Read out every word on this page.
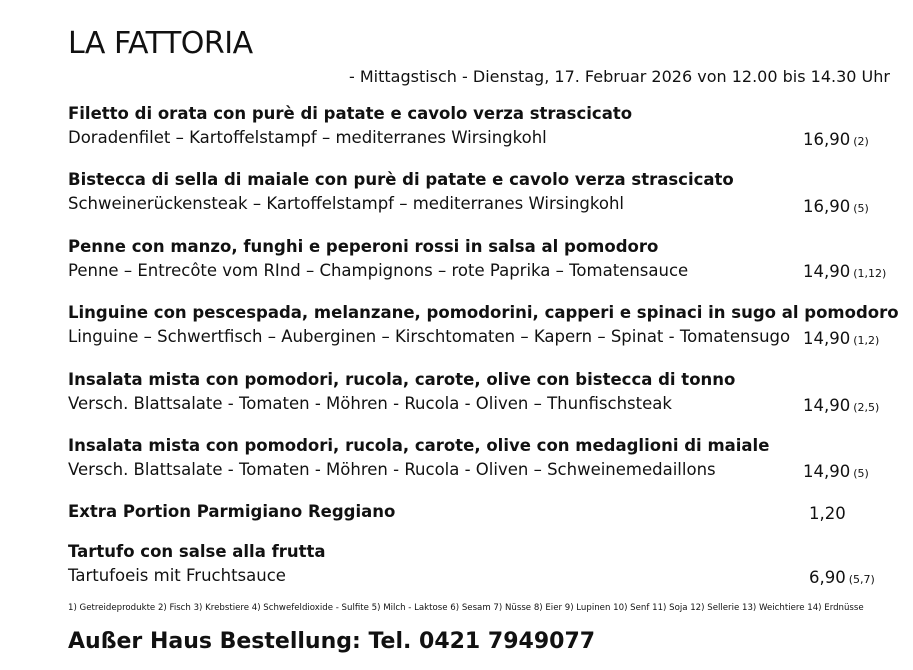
LA FATTORIA
- Mittagstisch - Dienstag, 17. Februar 2026 von 12.00 bis 14.30 Uhr
Filetto di orata con purè di patate e cavolo verza strascicato
Doradenfilet – Kartoffelstampf – mediterranes Wirsingkohl	16,90 (2)
Bistecca di sella di maiale con purè di patate e cavolo verza strascicato
Schweinerückensteak – Kartoffelstampf – mediterranes Wirsingkohl	16,90 (5)
Penne con manzo, funghi e peperoni rossi in salsa al pomodoro
Penne – Entrecôte vom RInd – Champignons – rote Paprika – Tomatensauce	14,90 (1,12)
Linguine con pescespada, melanzane, pomodorini, capperi e spinaci in sugo al pomodoro
Linguine – Schwertfisch – Auberginen – Kirschtomaten – Kapern – Spinat - Tomatensugo 14,90 (1,2)
Insalata mista con pomodori, rucola, carote, olive con bistecca di tonno
Versch. Blattsalate - Tomaten - Möhren - Rucola - Oliven – Thunfischsteak	14,90 (2,5)
Insalata mista con pomodori, rucola, carote, olive con medaglioni di maiale
Versch. Blattsalate - Tomaten - Möhren - Rucola - Oliven – Schweinemedaillons	14,90 (5)
Extra Portion Parmigiano Reggiano	1,20
Tartufo con salse alla frutta
Tartufoeis mit Fruchtsauce	6,90 (5,7)
1) Getreideprodukte 2) Fisch 3) Krebstiere 4) Schwefeldioxide - Sulfite 5) Milch - Laktose 6) Sesam 7) Nüsse 8) Eier 9) Lupinen 10) Senf 11) Soja 12) Sellerie 13) Weichtiere 14) Erdnüsse
Außer Haus Bestellung: Tel. 0421 7949077
